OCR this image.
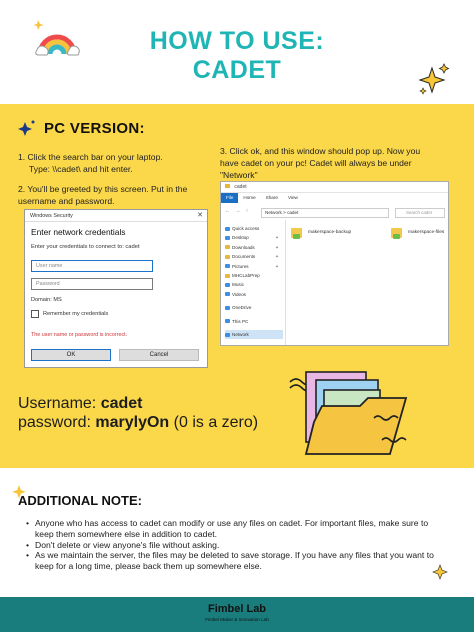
HOW TO USE:
CADET
PC VERSION:
1. Click the search bar on your laptop.
Type: \\cadet\ and hit enter.
2. You'll be greeted by this screen. Put in the
username and password.
3. Click ok, and this window should pop up. Now you
have cadet on your pc! Cadet will always be under
"Network"
Windows Security	✕
Enter network credentials
Enter your credentials to connect to: cadet
User name
Password
Domain: MS
Remember my credentials
The user name or password is incorrect.
OK	Cancel
cadet
File	Home	Share	View
← → ↑	Network > cadet	Search cadet
Quick access
Desktop	✦
Downloads	✦
Documents	✦
Pictures	✦
MHCLabPrep
Music
Videos
OneDrive
This PC
Network
makerspace-backup	makerspace-files
Username: cadet
password: marylyOn (0 is a zero)
ADDITIONAL NOTE:
• Anyone who has access to cadet can modify or use any files on cadet. For important files, make sure to keep them somewhere else in addition to cadet.
• Don't delete or view anyone's file without asking.
• As we maintain the server, the files may be deleted to save storage. If you have any files that you want to keep for a long time, please back them up somewhere else.
Fimbel Lab
Fimbel Maker & Innovation Lab
